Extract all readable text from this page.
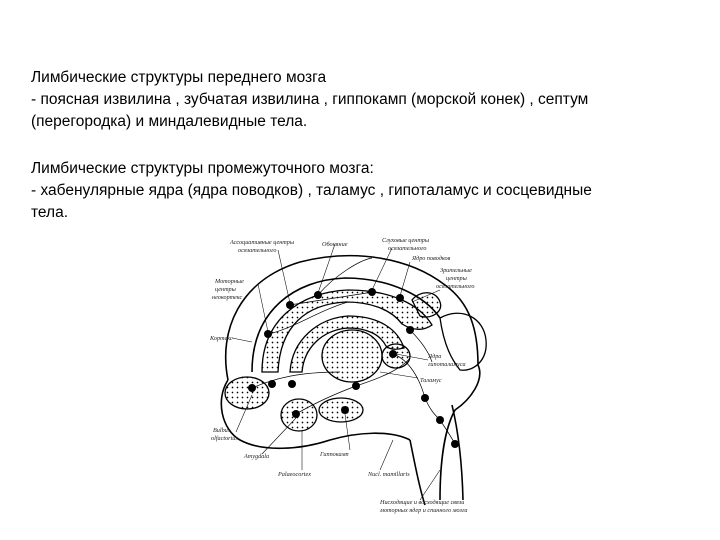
Лимбические структуры переднего мозга
- поясная извилина , зубчатая извилина , гиппокамп (морской конек) , септум
(перегородка) и миндалевидные тела.
Лимбические структуры промежуточного мозга:
- хабенулярные ядра (ядра поводков) , таламус , гипоталамус и сосцевидные
тела.
Ассоциативные центры
осязательного
Обоняние
Слуховые центры
осязательного
Ядро поводков
Зрительные
центры
осязательного
Моторные
центры
неокортекс
Кортекс
Ядра
гипоталамуса
Таламус
Bulbus
olfactorius
Amygdala	Гиппокамп
Palaeocortex	Nucl. mamillaris
Нисходящие и восходящие связи
моторных ядер и спинного мозга
